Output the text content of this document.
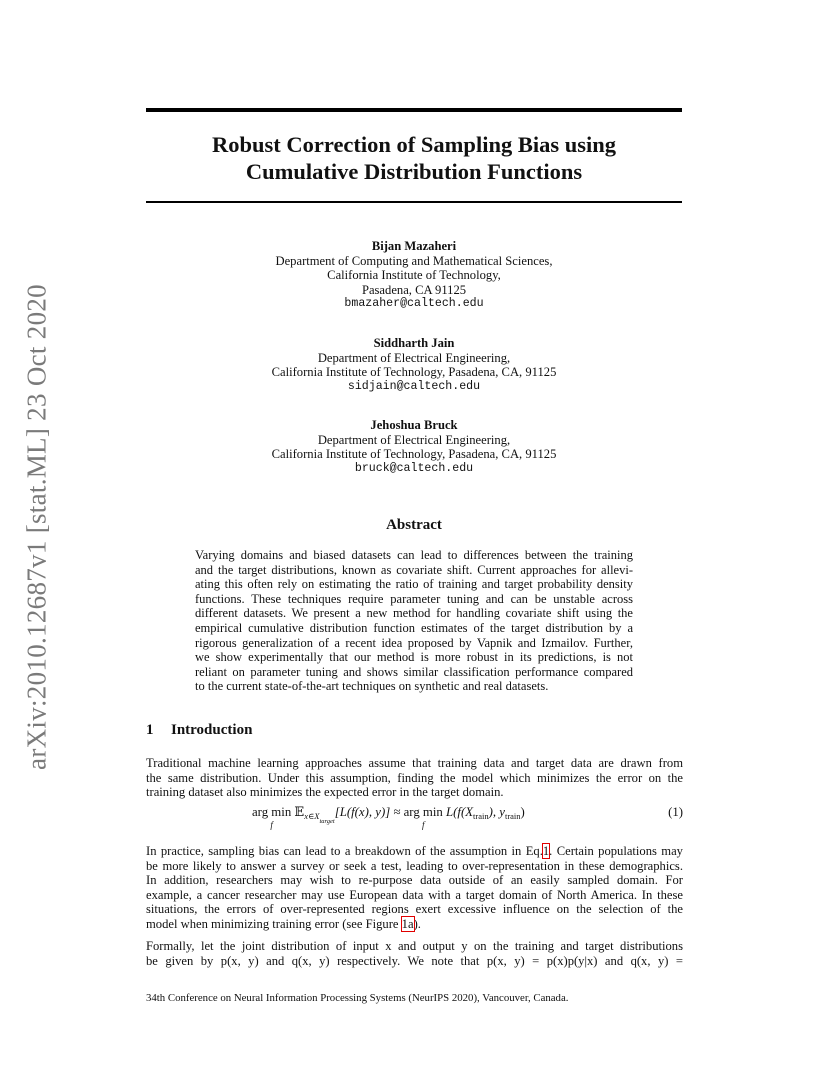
arXiv:2010.12687v1 [stat.ML] 23 Oct 2020
Robust Correction of Sampling Bias using
Cumulative Distribution Functions
Bijan Mazaheri
Department of Computing and Mathematical Sciences,
California Institute of Technology,
Pasadena, CA 91125
bmazaher@caltech.edu
Siddharth Jain
Department of Electrical Engineering,
California Institute of Technology, Pasadena, CA, 91125
sidjain@caltech.edu
Jehoshua Bruck
Department of Electrical Engineering,
California Institute of Technology, Pasadena, CA, 91125
bruck@caltech.edu
Abstract
Varying domains and biased datasets can lead to differences between the training
and the target distributions, known as covariate shift. Current approaches for allevi-
ating this often rely on estimating the ratio of training and target probability density
functions. These techniques require parameter tuning and can be unstable across
different datasets. We present a new method for handling covariate shift using the
empirical cumulative distribution function estimates of the target distribution by a
rigorous generalization of a recent idea proposed by Vapnik and Izmailov. Further,
we show experimentally that our method is more robust in its predictions, is not
reliant on parameter tuning and shows similar classification performance compared
to the current state-of-the-art techniques on synthetic and real datasets.
1 Introduction
Traditional machine learning approaches assume that training data and target data are drawn from
the same distribution. Under this assumption, finding the model which minimizes the error on the
training dataset also minimizes the expected error in the target domain.
arg min
f
𝔼$_{x\in X_{target}}$[L(f(x), y)] ≈ arg min
f
$L(f(X_{train})$, $y_{train}$)	(1)
In practice, sampling bias can lead to a breakdown of the assumption in Eq.1. Certain populations may
be more likely to answer a survey or seek a test, leading to over-representation in these demographics.
In addition, researchers may wish to re-purpose data outside of an easily sampled domain. For
example, a cancer researcher may use European data with a target domain of North America. In these
situations, the errors of over-represented regions exert excessive influence on the selection of the
model when minimizing training error (see Figure 1a).
Formally, let the joint distribution of input x and output y on the training and target distributions
be given by p(x, y) and q(x, y) respectively. We note that p(x, y) = p(x)p(y|x) and q(x, y) =
34th Conference on Neural Information Processing Systems (NeurIPS 2020), Vancouver, Canada.
